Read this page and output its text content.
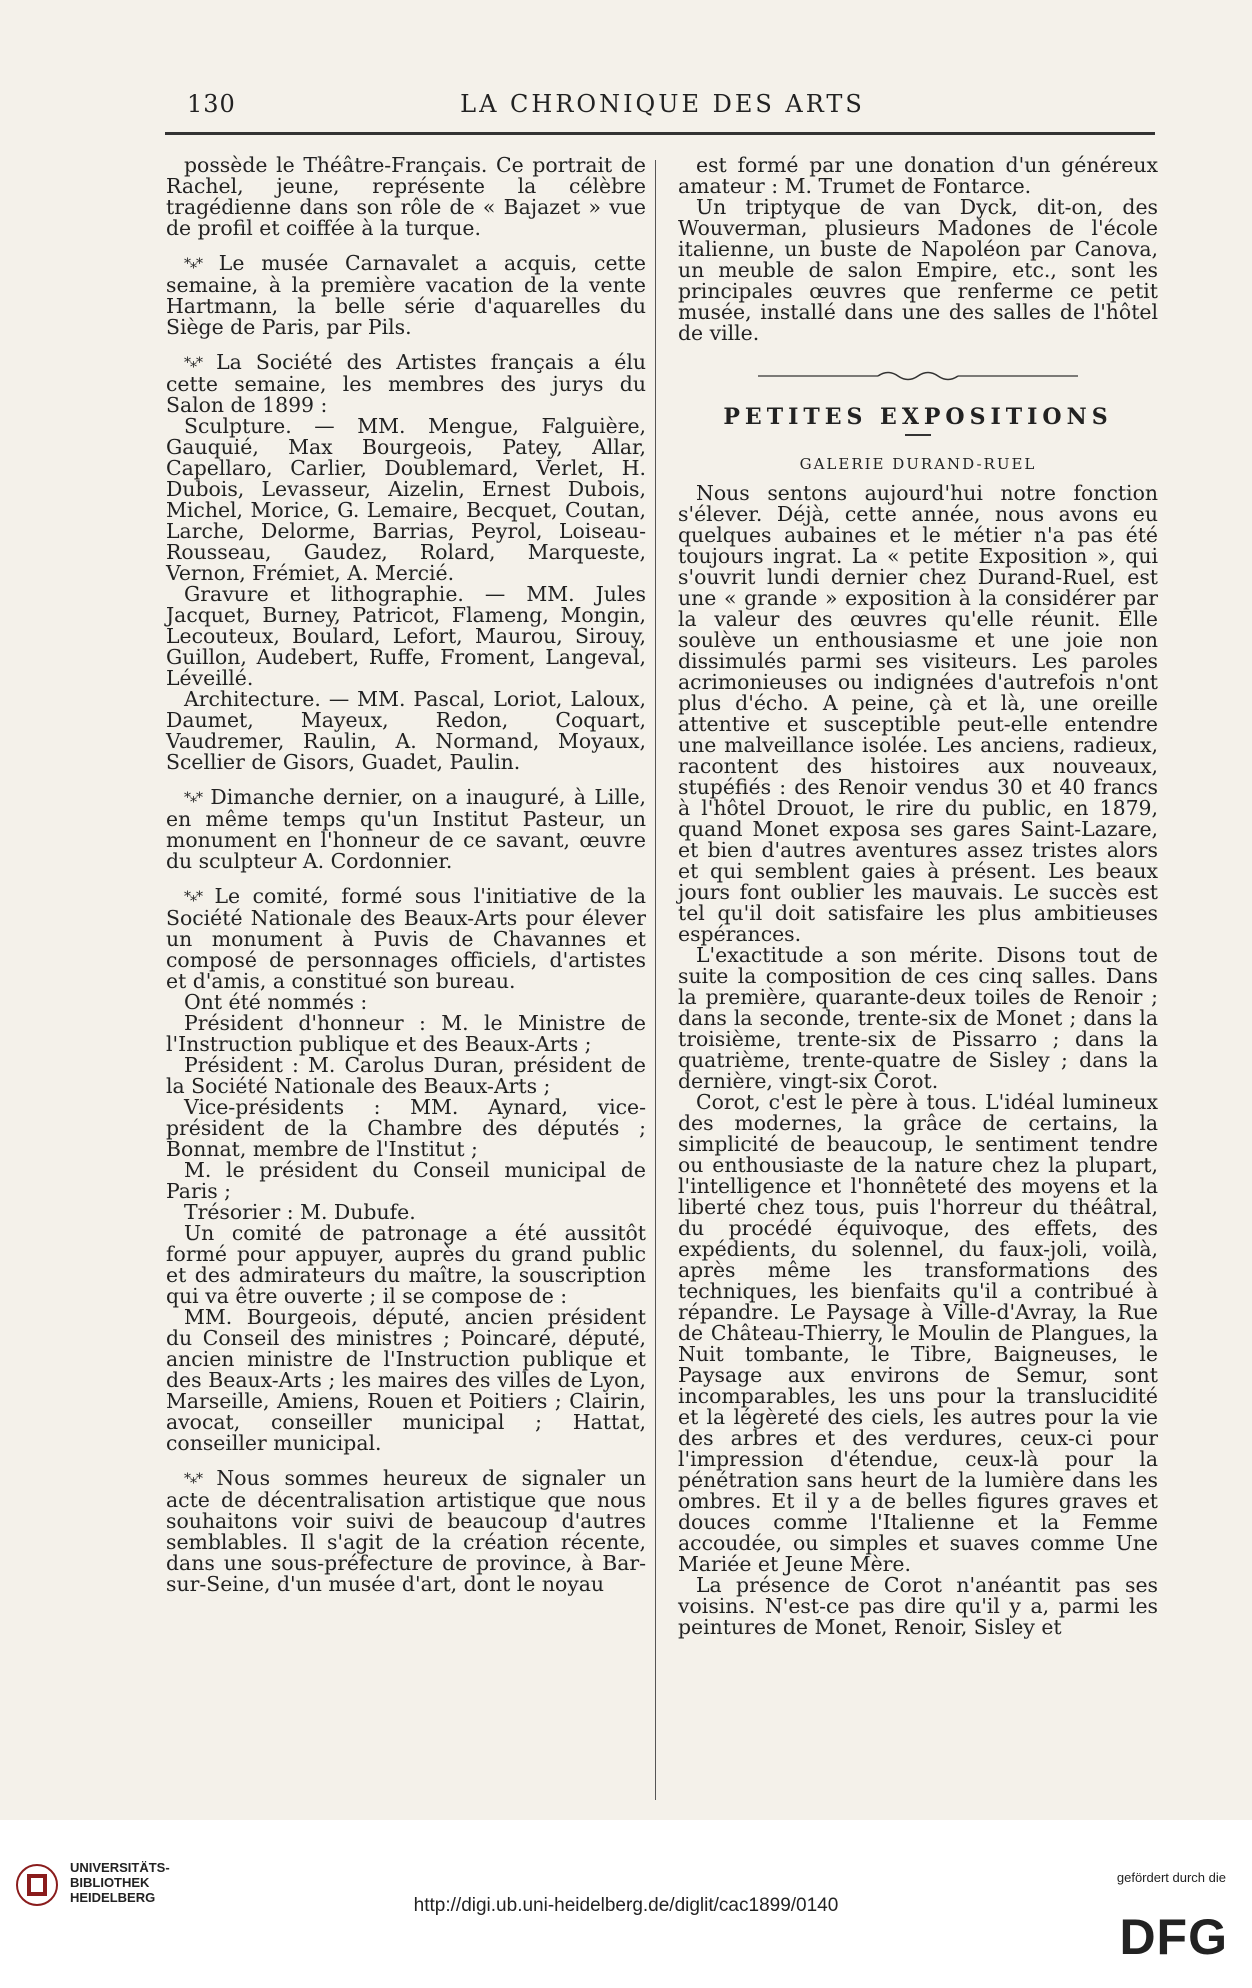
130	LA CHRONIQUE DES ARTS

possède le Théâtre-Français. Ce portrait de Rachel, jeune, représente la célèbre tragédienne dans son rôle de « Bajazet » vue de profil et coiffée à la turque.

*⁎* Le musée Carnavalet a acquis, cette semaine, à la première vacation de la vente Hartmann, la belle série d'aquarelles du Siège de Paris, par Pils.

*⁎* La Société des Artistes français a élu cette semaine, les membres des jurys du Salon de 1899 :

Sculpture. — MM. Mengue, Falguière, Gauquié, Max Bourgeois, Patey, Allar, Capellaro, Carlier, Doublemard, Verlet, H. Dubois, Levasseur, Aizelin, Ernest Dubois, Michel, Morice, G. Lemaire, Becquet, Coutan, Larche, Delorme, Barrias, Peyrol, Loiseau-Rousseau, Gaudez, Rolard, Marqueste, Vernon, Frémiet, A. Mercié.

Gravure et lithographie. — MM. Jules Jacquet, Burney, Patricot, Flameng, Mongin, Lecouteux, Boulard, Lefort, Maurou, Sirouy, Guillon, Audebert, Ruffe, Froment, Langeval, Léveillé.

Architecture. — MM. Pascal, Loriot, Laloux, Daumet, Mayeux, Redon, Coquart, Vaudremer, Raulin, A. Normand, Moyaux, Scellier de Gisors, Guadet, Paulin.

*⁎* Dimanche dernier, on a inauguré, à Lille, en même temps qu'un Institut Pasteur, un monument en l'honneur de ce savant, œuvre du sculpteur A. Cordonnier.

*⁎* Le comité, formé sous l'initiative de la Société Nationale des Beaux-Arts pour élever un monument à Puvis de Chavannes et composé de personnages officiels, d'artistes et d'amis, a constitué son bureau.

Ont été nommés :

Président d'honneur : M. le Ministre de l'Instruction publique et des Beaux-Arts ;

Président : M. Carolus Duran, président de la Société Nationale des Beaux-Arts ;

Vice-présidents : MM. Aynard, vice-président de la Chambre des députés ; Bonnat, membre de l'Institut ;

M. le président du Conseil municipal de Paris ;

Trésorier : M. Dubufe.

Un comité de patronage a été aussitôt formé pour appuyer, auprès du grand public et des admirateurs du maître, la souscription qui va être ouverte ; il se compose de :

MM. Bourgeois, député, ancien président du Conseil des ministres ; Poincaré, député, ancien ministre de l'Instruction publique et des Beaux-Arts ; les maires des villes de Lyon, Marseille, Amiens, Rouen et Poitiers ; Clairin, avocat, conseiller municipal ; Hattat, conseiller municipal.

*⁎* Nous sommes heureux de signaler un acte de décentralisation artistique que nous souhaitons voir suivi de beaucoup d'autres semblables. Il s'agit de la création récente, dans une sous-préfecture de province, à Bar-sur-Seine, d'un musée d'art, dont le noyau

est formé par une donation d'un généreux amateur : M. Trumet de Fontarce.

Un triptyque de van Dyck, dit-on, des Wouverman, plusieurs Madones de l'école italienne, un buste de Napoléon par Canova, un meuble de salon Empire, etc., sont les principales œuvres que renferme ce petit musée, installé dans une des salles de l'hôtel de ville.

PETITES EXPOSITIONS
GALERIE DURAND-RUEL

Nous sentons aujourd'hui notre fonction s'élever. Déjà, cette année, nous avons eu quelques aubaines et le métier n'a pas été toujours ingrat. La « petite Exposition », qui s'ouvrit lundi dernier chez Durand-Ruel, est une « grande » exposition à la considérer par la valeur des œuvres qu'elle réunit. Elle soulève un enthousiasme et une joie non dissimulés parmi ses visiteurs. Les paroles acrimonieuses ou indignées d'autrefois n'ont plus d'écho. A peine, çà et là, une oreille attentive et susceptible peut-elle entendre une malveillance isolée. Les anciens, radieux, racontent des histoires aux nouveaux, stupéfiés : des Renoir vendus 30 et 40 francs à l'hôtel Drouot, le rire du public, en 1879, quand Monet exposa ses gares Saint-Lazare, et bien d'autres aventures assez tristes alors et qui semblent gaies à présent. Les beaux jours font oublier les mauvais. Le succès est tel qu'il doit satisfaire les plus ambitieuses espérances.

L'exactitude a son mérite. Disons tout de suite la composition de ces cinq salles. Dans la première, quarante-deux toiles de Renoir ; dans la seconde, trente-six de Monet ; dans la troisième, trente-six de Pissarro ; dans la quatrième, trente-quatre de Sisley ; dans la dernière, vingt-six Corot.

Corot, c'est le père à tous. L'idéal lumineux des modernes, la grâce de certains, la simplicité de beaucoup, le sentiment tendre ou enthousiaste de la nature chez la plupart, l'intelligence et l'honnêteté des moyens et la liberté chez tous, puis l'horreur du théâtral, du procédé équivoque, des effets, des expédients, du solennel, du faux-joli, voilà, après même les transformations des techniques, les bienfaits qu'il a contribué à répandre. Le Paysage à Ville-d'Avray, la Rue de Château-Thierry, le Moulin de Plangues, la Nuit tombante, le Tibre, Baigneuses, le Paysage aux environs de Semur, sont incomparables, les uns pour la translucidité et la légèreté des ciels, les autres pour la vie des arbres et des verdures, ceux-ci pour l'impression d'étendue, ceux-là pour la pénétration sans heurt de la lumière dans les ombres. Et il y a de belles figures graves et douces comme l'Italienne et la Femme accoudée, ou simples et suaves comme Une Mariée et Jeune Mère.

La présence de Corot n'anéantit pas ses voisins. N'est-ce pas dire qu'il y a, parmi les peintures de Monet, Renoir, Sisley et

UNIVERSITÄTS-
BIBLIOTHEK
HEIDELBERG	http://digi.ub.uni-heidelberg.de/diglit/cac1899/0140
gefördert durch die
DFG
